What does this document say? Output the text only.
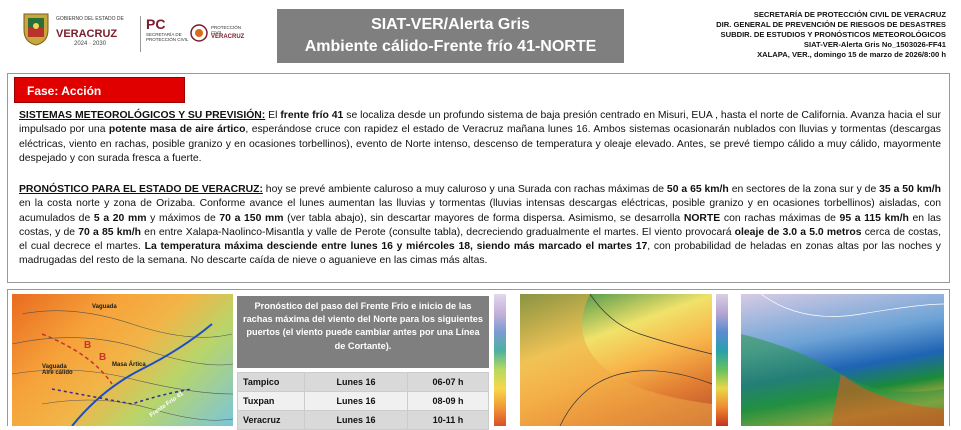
GOBIERNO DEL ESTADO DE
VERACRUZ
2024 · 2030
PC
SECRETARÍA DE
PROTECCIÓN CIVIL
PROTECCIÓN CIVIL
VERACRUZ
SIAT-VER/Alerta Gris
Ambiente cálido-Frente frío 41-NORTE
SECRETARÍA DE PROTECCIÓN CIVIL DE VERACRUZ
DIR. GENERAL DE PREVENCIÓN DE RIESGOS DE DESASTRES
SUBDIR. DE ESTUDIOS Y PRONÓSTICOS METEOROLÓGICOS
SIAT-VER-Alerta Gris No_1503026-FF41
XALAPA, VER., domingo 15 de marzo de 2026/8:00 h
Fase: Acción
SISTEMAS METEOROLÓGICOS Y SU PREVISIÓN: El frente frío 41 se localiza desde un profundo sistema de baja presión centrado en Misuri, EUA , hasta el norte de California. Avanza hacia el sur impulsado por una potente masa de aire ártico, esperándose cruce con rapidez el estado de Veracruz mañana lunes 16. Ambos sistemas ocasionarán nublados con lluvias y tormentas (descargas eléctricas, viento en rachas, posible granizo y en ocasiones torbellinos), evento de Norte intenso, descenso de temperatura y oleaje elevado. Antes, se prevé tiempo cálido a muy cálido, mayormente despejado y con surada fresca a fuerte.
PRONÓSTICO PARA EL ESTADO DE VERACRUZ: hoy se prevé ambiente caluroso a muy caluroso y una Surada con rachas máximas de 50 a 65 km/h en sectores de la zona sur y de 35 a 50 km/h en la costa norte y zona de Orizaba. Conforme avance el lunes aumentan las lluvias y tormentas (lluvias intensas descargas eléctricas, posible granizo y en ocasiones torbellinos) aisladas, con acumulados de 5 a 20 mm y máximos de 70 a 150 mm (ver tabla abajo), sin descartar mayores de forma dispersa. Asimismo, se desarrolla NORTE con rachas máximas de 95 a 115 km/h en las costas, y de 70 a 85 km/h en entre Xalapa-Naolinco-Misantla y valle de Perote (consulte tabla), decreciendo gradualmente el martes. El viento provocará oleaje de 3.0 a 5.0 metros cerca de costas, el cual decrece el martes. La temperatura máxima desciende entre lunes 16 y miércoles 18, siendo más marcado el martes 17, con probabilidad de heladas en zonas altas por las noches y madrugadas del resto de la semana. No descarte caída de nieve o aguanieve en las cimas más altas.
Vaguada
Vaguada
Aire cálido
Masa Ártica
Frente Frío 41
B
B
Pronóstico del paso del Frente Frío e inicio de las rachas máxima del viento del Norte para los siguientes puertos (el viento puede cambiar antes por una Línea de Cortante).
Tampico	Lunes 16	06-07 h
Tuxpan	Lunes 16	08-09 h
Veracruz	Lunes 16	10-11 h
